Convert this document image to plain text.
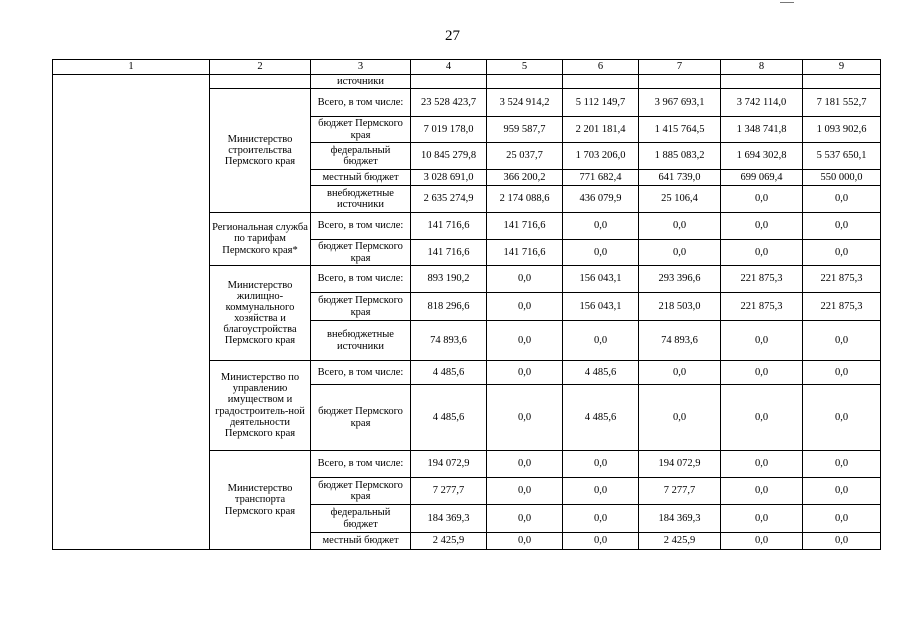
27
1	2	3	4	5	6	7	8	9
		источники						
	Министерство строительства Пермского края	Всего, в том числе:	23 528 423,7	3 524 914,2	5 112 149,7	3 967 693,1	3 742 114,0	7 181 552,7
		бюджет Пермского края	7 019 178,0	959 587,7	2 201 181,4	1 415 764,5	1 348 741,8	1 093 902,6
		федеральный бюджет	10 845 279,8	25 037,7	1 703 206,0	1 885 083,2	1 694 302,8	5 537 650,1
		местный бюджет	3 028 691,0	366 200,2	771 682,4	641 739,0	699 069,4	550 000,0
		внебюджетные источники	2 635 274,9	2 174 088,6	436 079,9	25 106,4	0,0	0,0
	Региональная служба по тарифам Пермского края*	Всего, в том числе:	141 716,6	141 716,6	0,0	0,0	0,0	0,0
		бюджет Пермского края	141 716,6	141 716,6	0,0	0,0	0,0	0,0
	Министерство жилищно-коммунального хозяйства и благоустройства Пермского края	Всего, в том числе:	893 190,2	0,0	156 043,1	293 396,6	221 875,3	221 875,3
		бюджет Пермского края	818 296,6	0,0	156 043,1	218 503,0	221 875,3	221 875,3
		внебюджетные источники	74 893,6	0,0	0,0	74 893,6	0,0	0,0
	Министерство по управлению имуществом и градостроитель-ной деятельности Пермского края	Всего, в том числе:	4 485,6	0,0	4 485,6	0,0	0,0	0,0
		бюджет Пермского края	4 485,6	0,0	4 485,6	0,0	0,0	0,0
	Министерство транспорта Пермского края	Всего, в том числе:	194 072,9	0,0	0,0	194 072,9	0,0	0,0
		бюджет Пермского края	7 277,7	0,0	0,0	7 277,7	0,0	0,0
		федеральный бюджет	184 369,3	0,0	0,0	184 369,3	0,0	0,0
		местный бюджет	2 425,9	0,0	0,0	2 425,9	0,0	0,0
